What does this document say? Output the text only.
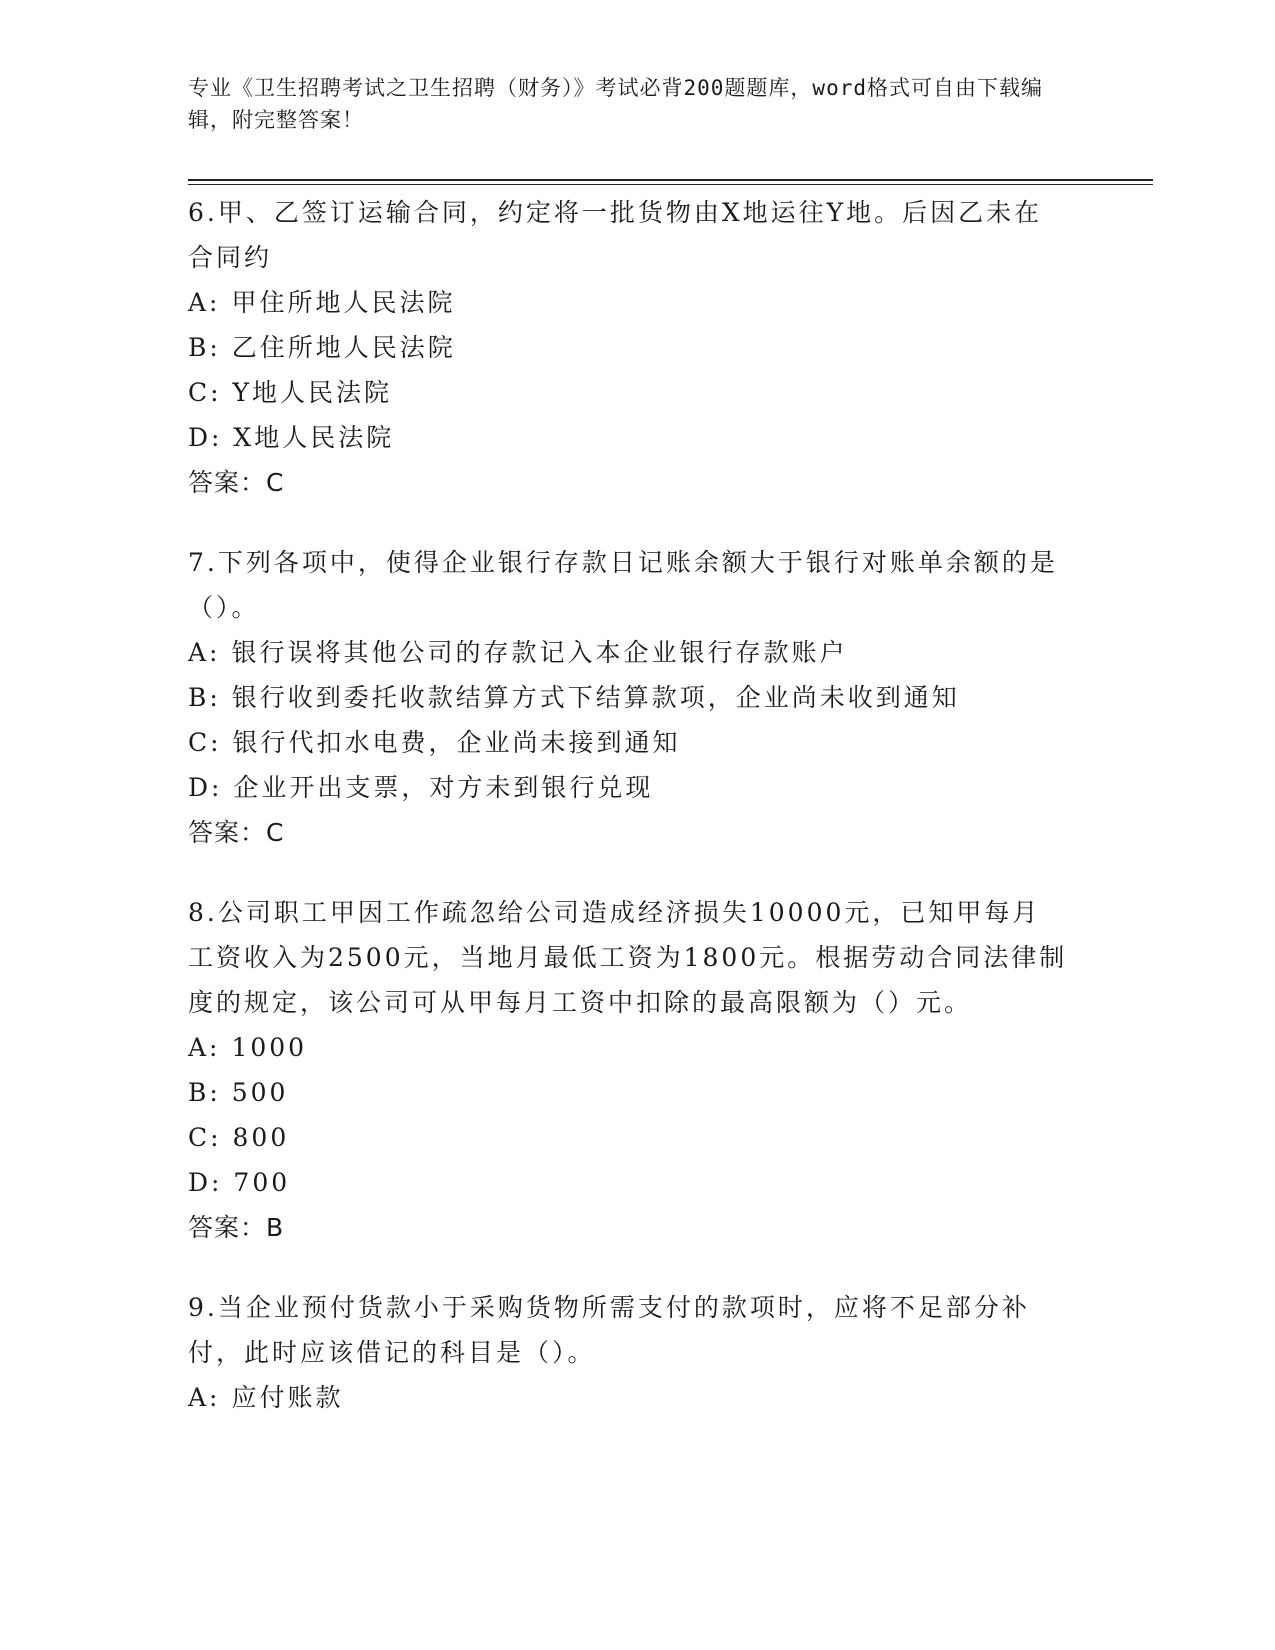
专业《卫生招聘考试之卫生招聘（财务）》考试必背200题题库，word格式可自由下载编辑，附完整答案！
6.甲、乙签订运输合同，约定将一批货物由X地运往Y地。后因乙未在合同约
A: 甲住所地人民法院
B: 乙住所地人民法院
C: Y地人民法院
D: X地人民法院
答案：C
7.下列各项中，使得企业银行存款日记账余额大于银行对账单余额的是（）。
A: 银行误将其他公司的存款记入本企业银行存款账户
B: 银行收到委托收款结算方式下结算款项，企业尚未收到通知
C: 银行代扣水电费，企业尚未接到通知
D: 企业开出支票，对方未到银行兑现
答案：C
8.公司职工甲因工作疏忽给公司造成经济损失10000元，已知甲每月工资收入为2500元，当地月最低工资为1800元。根据劳动合同法律制度的规定，该公司可从甲每月工资中扣除的最高限额为（）元。
A: 1000
B: 500
C: 800
D: 700
答案：B
9.当企业预付货款小于采购货物所需支付的款项时，应将不足部分补付，此时应该借记的科目是（）。
A: 应付账款
